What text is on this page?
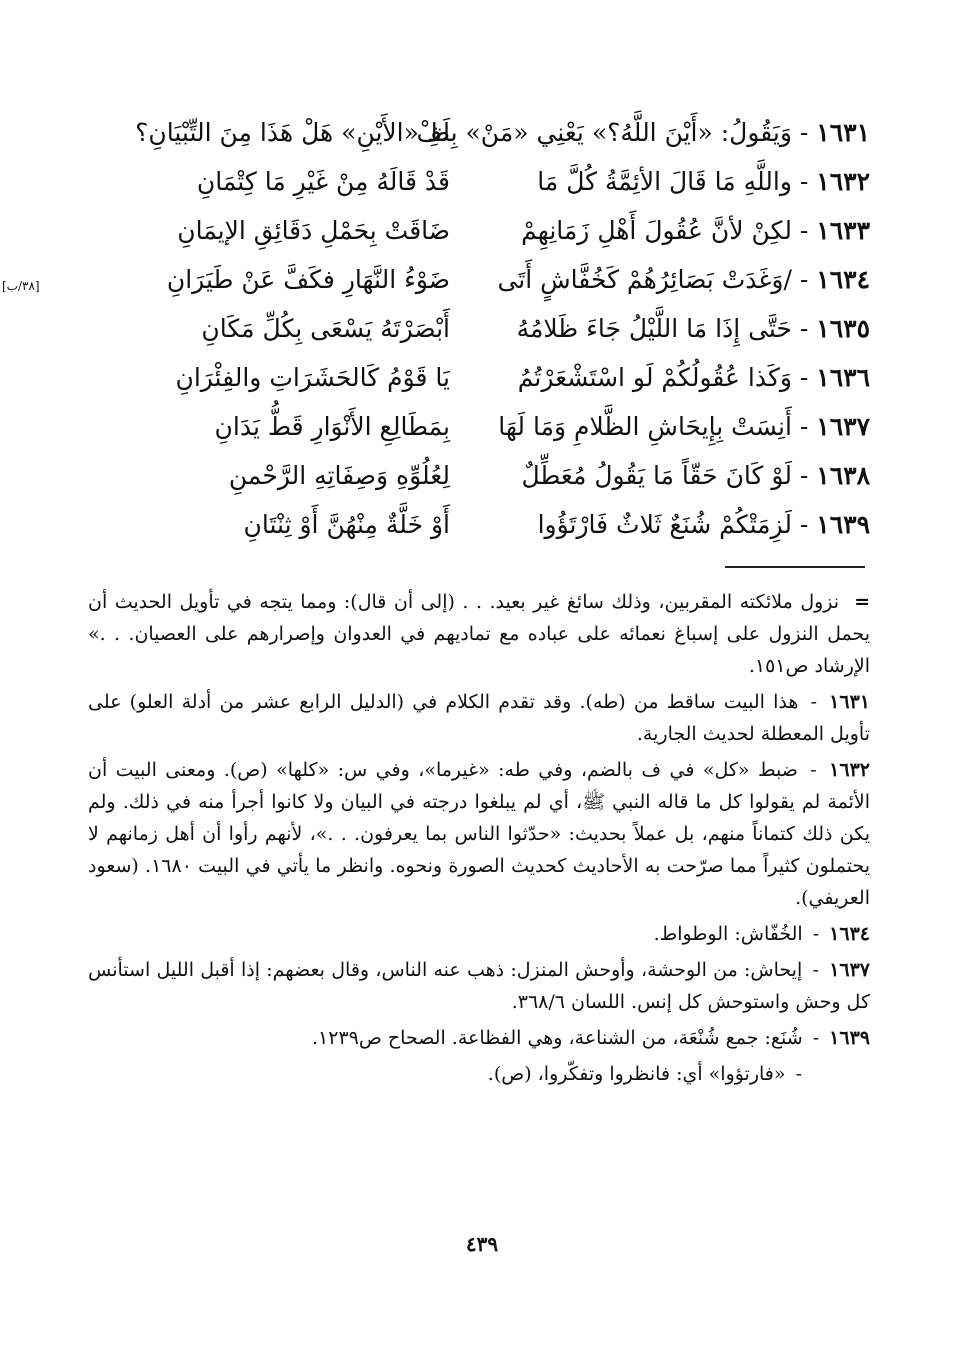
١٦٣١ - وَيَقُولُ: «أَيْنَ اللَّهُ؟» يَعْنِي «مَنْ» بِلَفْ
ظِ «الأَيْنِ» هَلْ هَذَا مِنَ التِّبْيَانِ؟
١٦٣٢ - واللَّهِ مَا قَالَ الأئِمَّةُ كُلَّ مَا
قَدْ قَالَهُ مِنْ غَيْرِ مَا كِتْمَانِ
١٦٣٣ - لكِنْ لأنَّ عُقُولَ أَهْلِ زَمَانِهِمْ
ضَاقَتْ بِحَمْلِ دَقَائِقِ الإيمَانِ
١٦٣٤ - /وَغَدَتْ بَصَائِرُهُمْ كَخُفَّاشٍ أَتَى
ضَوْءُ النَّهَارِ فكَفَّ عَنْ طَيَرَانِ
[٣٨/ب]
١٦٣٥ - حَتَّى إِذَا مَا اللَّيْلُ جَاءَ ظَلامُهُ
أَبْصَرْتَهُ يَسْعَى بِكُلِّ مَكَانِ
١٦٣٦ - وَكَذا عُقُولُكُمْ لَو اسْتَشْعَرْتُمُ
يَا قَوْمُ كَالحَشَرَاتِ والفِئْرَانِ
١٦٣٧ - أَنِسَتْ بِإِيحَاشِ الظَّلامِ وَمَا لَهَا
بِمَطَالِعِ الأَنْوَارِ قَطُّ يَدَانِ
١٦٣٨ - لَوْ كَانَ حَقّاً مَا يَقُولُ مُعَطِّلٌ
لِعُلُوِّهِ وَصِفَاتِهِ الرَّحْمنِ
١٦٣٩ - لَزِمَتْكُمْ شُنَعٌ ثَلاثٌ فَارْتَؤُوا
أَوْ خَلَّةٌ مِنْهُنَّ أَوْ ثِنْتَانِ

=  نزول ملائكته المقربين، وذلك سائغ غير بعيد. . . (إلى أن قال): ومما يتجه في تأويل الحديث أن يحمل النزول على إسباغ نعمائه على عباده مع تماديهم في العدوان وإصرارهم على العصيان. . .» الإرشاد ص١٥١.

١٦٣١ - هذا البيت ساقط من (طه). وقد تقدم الكلام في (الدليل الرابع عشر من أدلة العلو) على تأويل المعطلة لحديث الجارية.

١٦٣٢ - ضبط «كل» في ف بالضم، وفي طه: «غيرما»، وفي س: «كلها» (ص). ومعنى البيت أن الأئمة لم يقولوا كل ما قاله النبي ﷺ، أي لم يبلغوا درجته في البيان ولا كانوا أجرأ منه في ذلك. ولم يكن ذلك كتماناً منهم، بل عملاً بحديث: «حدّثوا الناس بما يعرفون. . .»، لأنهم رأوا أن أهل زمانهم لا يحتملون كثيراً مما صرّحت به الأحاديث كحديث الصورة ونحوه. وانظر ما يأتي في البيت ١٦٨٠. (سعود العريفي).

١٦٣٤ - الخُفّاش: الوطواط.

١٦٣٧ - إيحاش: من الوحشة، وأوحش المنزل: ذهب عنه الناس، وقال بعضهم: إذا أقبل الليل استأنس كل وحش واستوحش كل إنس. اللسان ٣٦٨/٦.

١٦٣٩ - شُنَع: جمع شُنْعَة، من الشناعة، وهي الفظاعة. الصحاح ص١٢٣٩.

- «فارتؤوا» أي: فانظروا وتفكّروا، (ص).

٤٣٩
